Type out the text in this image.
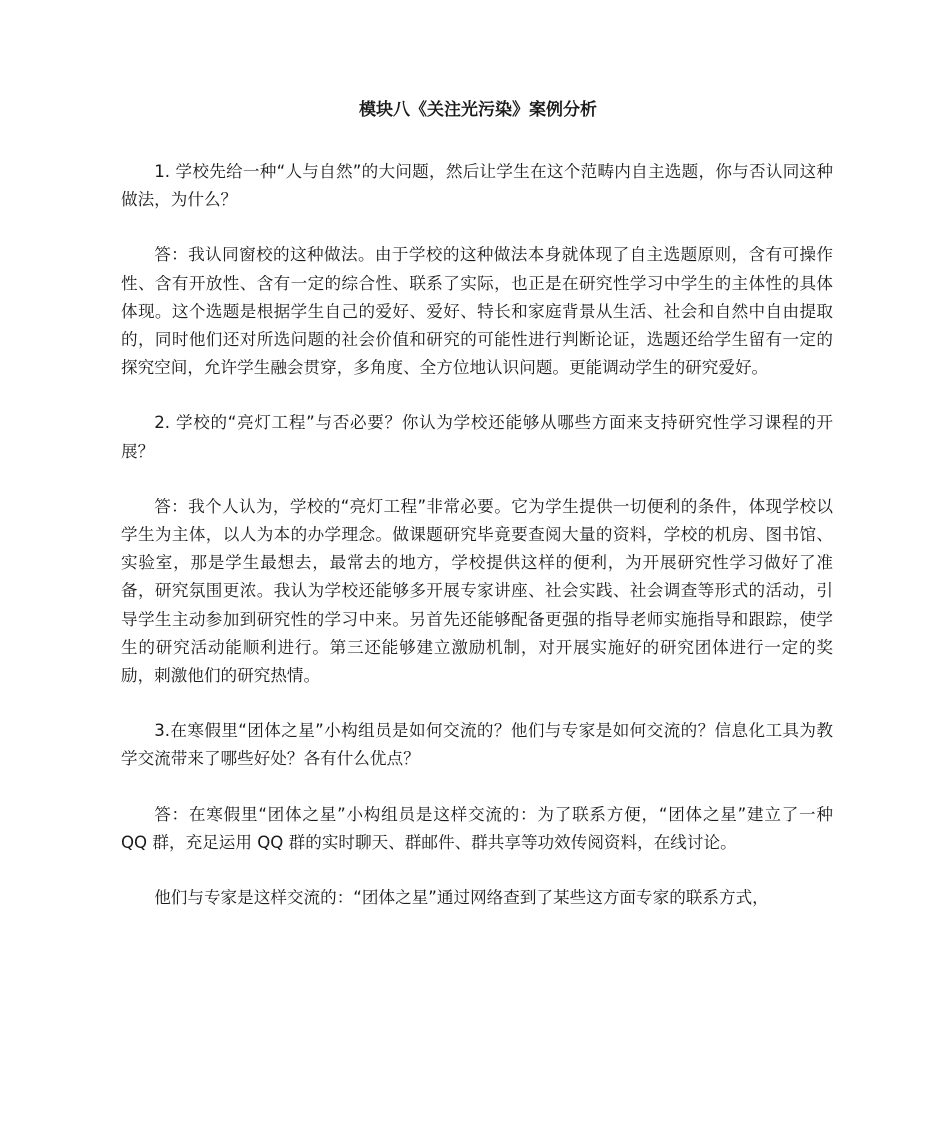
模块八《关注光污染》案例分析

1. 学校先给一种“人与自然”的大问题，然后让学生在这个范畴内自主选题，你与否认同这种做法，为什么？

答：我认同窗校的这种做法。由于学校的这种做法本身就体现了自主选题原则，含有可操作性、含有开放性、含有一定的综合性、联系了实际，也正是在研究性学习中学生的主体性的具体体现。这个选题是根据学生自己的爱好、爱好、特长和家庭背景从生活、社会和自然中自由提取的，同时他们还对所选问题的社会价值和研究的可能性进行判断论证，选题还给学生留有一定的探究空间，允许学生融会贯穿，多角度、全方位地认识问题。更能调动学生的研究爱好。

2. 学校的“亮灯工程”与否必要？你认为学校还能够从哪些方面来支持研究性学习课程的开展？

答：我个人认为，学校的“亮灯工程”非常必要。它为学生提供一切便利的条件，体现学校以学生为主体，以人为本的办学理念。做课题研究毕竟要查阅大量的资料，学校的机房、图书馆、实验室，那是学生最想去，最常去的地方，学校提供这样的便利，为开展研究性学习做好了准备，研究氛围更浓。我认为学校还能够多开展专家讲座、社会实践、社会调查等形式的活动，引导学生主动参加到研究性的学习中来。另首先还能够配备更强的指导老师实施指导和跟踪，使学生的研究活动能顺利进行。第三还能够建立激励机制，对开展实施好的研究团体进行一定的奖励，刺激他们的研究热情。

3.在寒假里“团体之星”小构组员是如何交流的？他们与专家是如何交流的？信息化工具为教学交流带来了哪些好处？各有什么优点？

答：在寒假里“团体之星”小构组员是这样交流的：为了联系方便，“团体之星”建立了一种 QQ 群，充足运用 QQ 群的实时聊天、群邮件、群共享等功效传阅资料，在线讨论。

他们与专家是这样交流的：“团体之星”通过网络查到了某些这方面专家的联系方式，
